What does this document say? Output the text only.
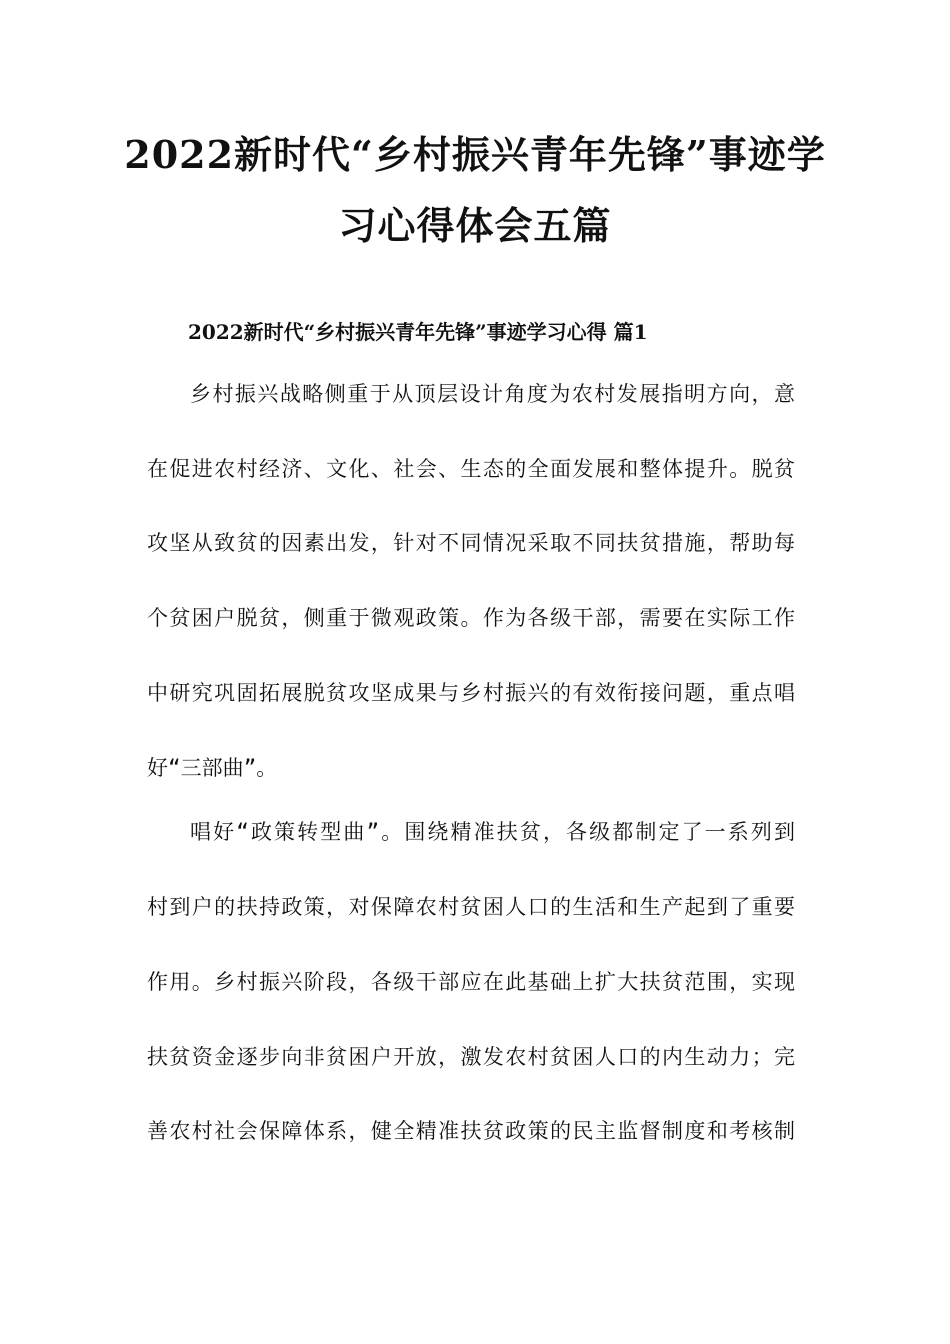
2022新时代“乡村振兴青年先锋”事迹学
习心得体会五篇
2022新时代“乡村振兴青年先锋”事迹学习心得 篇1

乡村振兴战略侧重于从顶层设计角度为农村发展指明方向，意

在促进农村经济、文化、社会、生态的全面发展和整体提升。脱贫

攻坚从致贫的因素出发，针对不同情况采取不同扶贫措施，帮助每

个贫困户脱贫，侧重于微观政策。作为各级干部，需要在实际工作

中研究巩固拓展脱贫攻坚成果与乡村振兴的有效衔接问题，重点唱

好“三部曲”。

唱好“政策转型曲”。围绕精准扶贫，各级都制定了一系列到

村到户的扶持政策，对保障农村贫困人口的生活和生产起到了重要

作用。乡村振兴阶段，各级干部应在此基础上扩大扶贫范围，实现

扶贫资金逐步向非贫困户开放，激发农村贫困人口的内生动力；完

善农村社会保障体系，健全精准扶贫政策的民主监督制度和考核制
